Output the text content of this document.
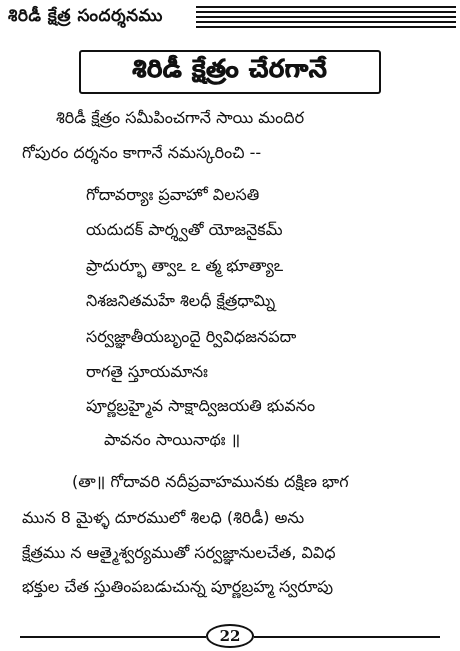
శిరిడీ క్షేత్ర సందర్శనము
శిరిడీ క్షేత్రం చేరగానే
శిరిడీ క్షేత్రం సమీపించగానే సాయి మందిర
గోపురం దర్శనం కాగానే నమస్కరించి --
గోదావర్యాః ప్రవాహో విలసతి
యదుదక్ పార్శ్వతో యోజనైకమ్
ప్రాదుర్భూ త్వాఽ ఽ త్మ భూత్యాఽ
నిశజనితమహే శిలధీ క్షేత్రధామ్ని
సర్వజ్ఞాతీయబృందై ర్వివిధజనపదా
రాగతై స్తూయమానః
పూర్ణబ్రహ్మైవ సాక్షాద్విజయతి భువనం
పావనం సాయినాథః ॥
(తా॥ గోదావరి నదీప్రవాహమునకు దక్షిణ భాగ
మున 8 మైళ్ళ దూరములో శిలధి (శిరిడీ) అను
క్షేత్రము న ఆత్మైశ్వర్యముతో సర్వజ్ఞానులచేత, వివిధ
భక్తుల చేత స్తుతింపబడుచున్న పూర్ణబ్రహ్మ స్వరూపు
22
